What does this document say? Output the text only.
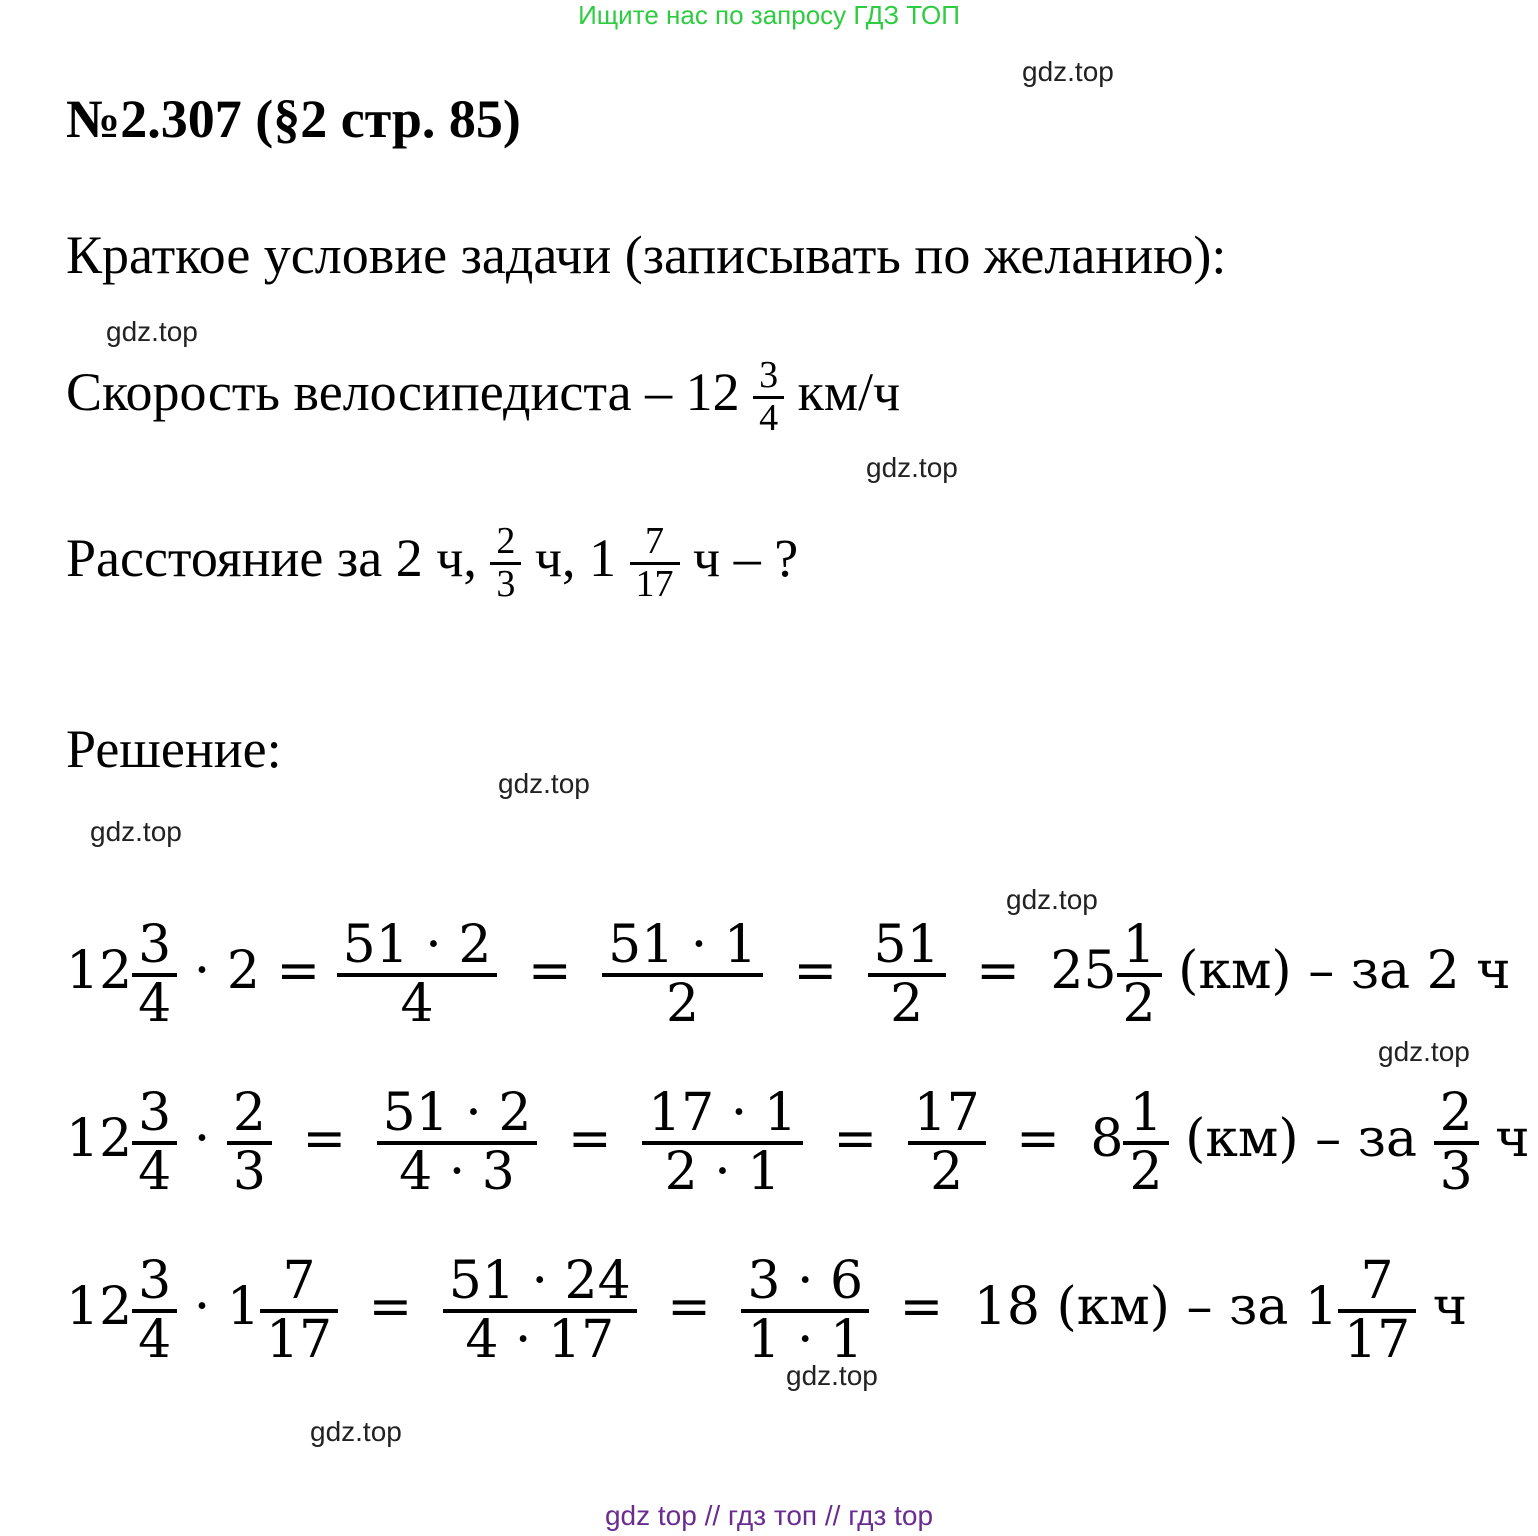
Ищите нас по запросу ГДЗ ТОП
gdz.top
gdz.top
gdz.top
gdz.top
gdz.top
gdz.top
gdz.top
gdz.top
gdz.top
№2.307 (§2 стр. 85)
Краткое условие задачи (записывать по желанию):
Скорость велосипедиста – $12 \frac{3}{4} км/ч$
Расстояние за 2 ч, $\frac{2}{3} ч$, $1 \frac{7}{17}$ ч – ?
Решение:
$12 \frac{3}{4} \cdot 2 = \frac{51 \cdot 2}{4} = \frac{51 \cdot 1}{2} = \frac{51}{2} = 25 \frac{1}{2} (км)$ – за 2 ч
$12 \frac{3}{4} \cdot \frac{2}{3} = \frac{51 \cdot 2}{4 \cdot 3} = \frac{17 \cdot 1}{2 \cdot 1} = \frac{17}{2} = 8 \frac{1}{2} (км)$ – за $\frac{2}{3}$ ч
$12 \frac{3}{4} \cdot 1 \frac{7}{17} = \frac{51 \cdot 24}{4 \cdot 17} = \frac{3 \cdot 6}{1 \cdot 1} = 18$ (км) – за $1 \frac{7}{17}$ ч
gdz top // гдз топ // гдз top
